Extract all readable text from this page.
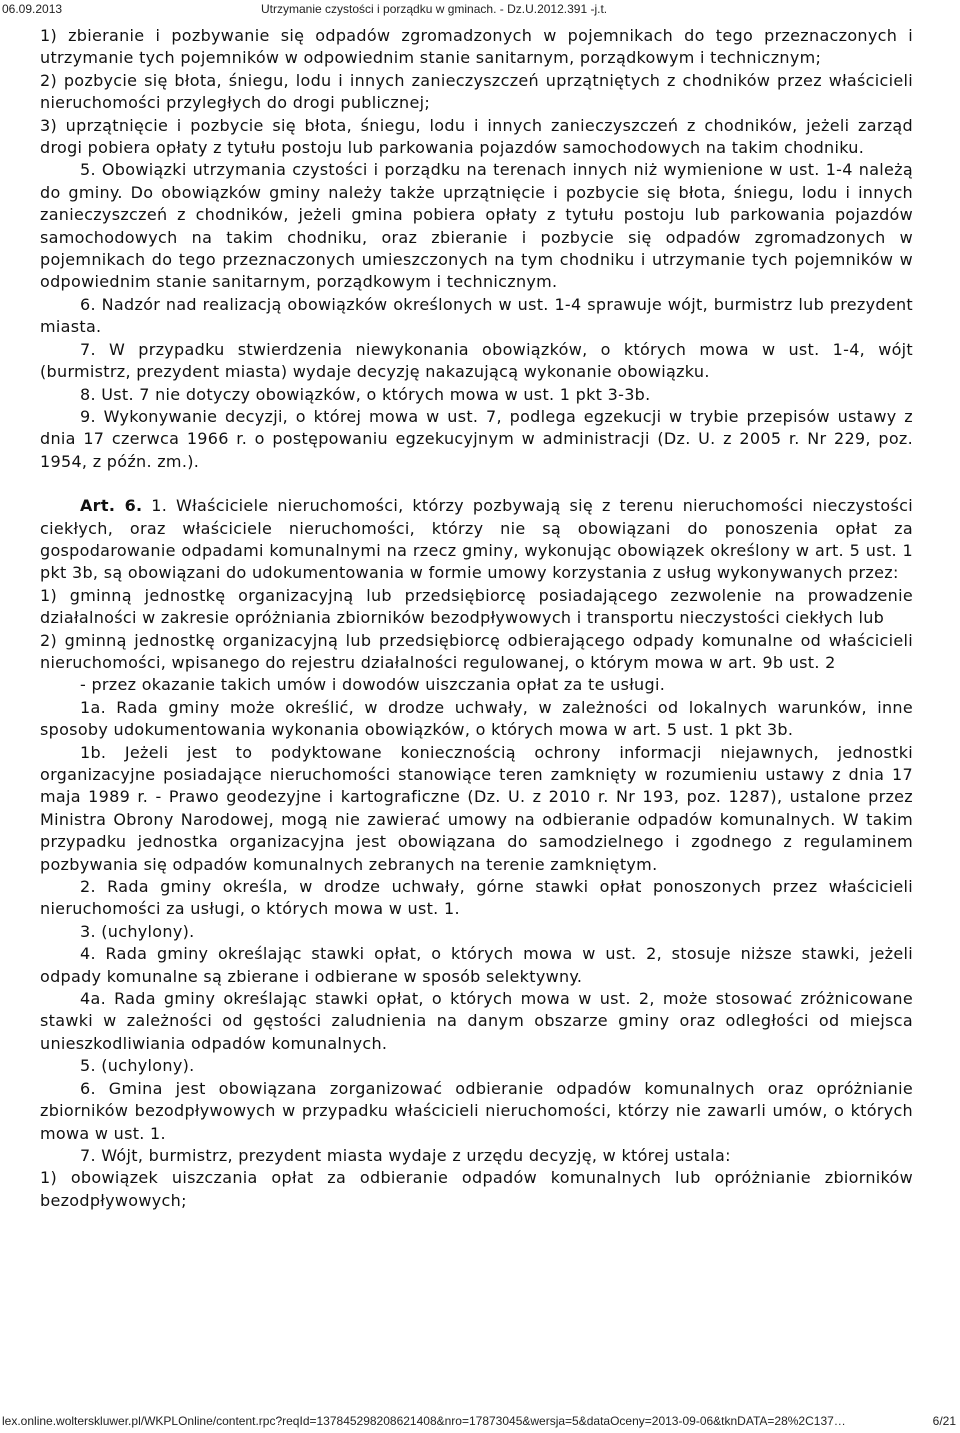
06.09.2013	Utrzymanie czystości i porządku w gminach. - Dz.U.2012.391 -j.t.

1) zbieranie i pozbywanie się odpadów zgromadzonych w pojemnikach do tego przeznaczonych i utrzymanie tych pojemników w odpowiednim stanie sanitarnym, porządkowym i technicznym;

2) pozbycie się błota, śniegu, lodu i innych zanieczyszczeń uprzątniętych z chodników przez właścicieli nieruchomości przyległych do drogi publicznej;

3) uprzątnięcie i pozbycie się błota, śniegu, lodu i innych zanieczyszczeń z chodników, jeżeli zarząd drogi pobiera opłaty z tytułu postoju lub parkowania pojazdów samochodowych na takim chodniku.

5. Obowiązki utrzymania czystości i porządku na terenach innych niż wymienione w ust. 1-4 należą do gminy. Do obowiązków gminy należy także uprzątnięcie i pozbycie się błota, śniegu, lodu i innych zanieczyszczeń z chodników, jeżeli gmina pobiera opłaty z tytułu postoju lub parkowania pojazdów samochodowych na takim chodniku, oraz zbieranie i pozbycie się odpadów zgromadzonych w pojemnikach do tego przeznaczonych umieszczonych na tym chodniku i utrzymanie tych pojemników w odpowiednim stanie sanitarnym, porządkowym i technicznym.

6. Nadzór nad realizacją obowiązków określonych w ust. 1-4 sprawuje wójt, burmistrz lub prezydent miasta.

7. W przypadku stwierdzenia niewykonania obowiązków, o których mowa w ust. 1-4, wójt (burmistrz, prezydent miasta) wydaje decyzję nakazującą wykonanie obowiązku.

8. Ust. 7 nie dotyczy obowiązków, o których mowa w ust. 1 pkt 3-3b.

9. Wykonywanie decyzji, o której mowa w ust. 7, podlega egzekucji w trybie przepisów ustawy z dnia 17 czerwca 1966 r. o postępowaniu egzekucyjnym w administracji (Dz. U. z 2005 r. Nr 229, poz. 1954, z późn. zm.).

Art. 6. 1. Właściciele nieruchomości, którzy pozbywają się z terenu nieruchomości nieczystości ciekłych, oraz właściciele nieruchomości, którzy nie są obowiązani do ponoszenia opłat za gospodarowanie odpadami komunalnymi na rzecz gminy, wykonując obowiązek określony w art. 5 ust. 1 pkt 3b, są obowiązani do udokumentowania w formie umowy korzystania z usług wykonywanych przez:

1) gminną jednostkę organizacyjną lub przedsiębiorcę posiadającego zezwolenie na prowadzenie działalności w zakresie opróżniania zbiorników bezodpływowych i transportu nieczystości ciekłych lub

2) gminną jednostkę organizacyjną lub przedsiębiorcę odbierającego odpady komunalne od właścicieli nieruchomości, wpisanego do rejestru działalności regulowanej, o którym mowa w art. 9b ust. 2

- przez okazanie takich umów i dowodów uiszczania opłat za te usługi.

1a. Rada gminy może określić, w drodze uchwały, w zależności od lokalnych warunków, inne sposoby udokumentowania wykonania obowiązków, o których mowa w art. 5 ust. 1 pkt 3b.

1b. Jeżeli jest to podyktowane koniecznością ochrony informacji niejawnych, jednostki organizacyjne posiadające nieruchomości stanowiące teren zamknięty w rozumieniu ustawy z dnia 17 maja 1989 r. - Prawo geodezyjne i kartograficzne (Dz. U. z 2010 r. Nr 193, poz. 1287), ustalone przez Ministra Obrony Narodowej, mogą nie zawierać umowy na odbieranie odpadów komunalnych. W takim przypadku jednostka organizacyjna jest obowiązana do samodzielnego i zgodnego z regulaminem pozbywania się odpadów komunalnych zebranych na terenie zamkniętym.

2. Rada gminy określa, w drodze uchwały, górne stawki opłat ponoszonych przez właścicieli nieruchomości za usługi, o których mowa w ust. 1.

3. (uchylony).

4. Rada gminy określając stawki opłat, o których mowa w ust. 2, stosuje niższe stawki, jeżeli odpady komunalne są zbierane i odbierane w sposób selektywny.

4a. Rada gminy określając stawki opłat, o których mowa w ust. 2, może stosować zróżnicowane stawki w zależności od gęstości zaludnienia na danym obszarze gminy oraz odległości od miejsca unieszkodliwiania odpadów komunalnych.

5. (uchylony).

6. Gmina jest obowiązana zorganizować odbieranie odpadów komunalnych oraz opróżnianie zbiorników bezodpływowych w przypadku właścicieli nieruchomości, którzy nie zawarli umów, o których mowa w ust. 1.

7. Wójt, burmistrz, prezydent miasta wydaje z urzędu decyzję, w której ustala:

1) obowiązek uiszczania opłat za odbieranie odpadów komunalnych lub opróżnianie zbiorników bezodpływowych;

lex.online.wolterskluwer.pl/WKPLOnline/content.rpc?reqId=137845298208621408&nro=17873045&wersja=5&dataOceny=2013-09-06&tknDATA=28%2C137…	6/21
